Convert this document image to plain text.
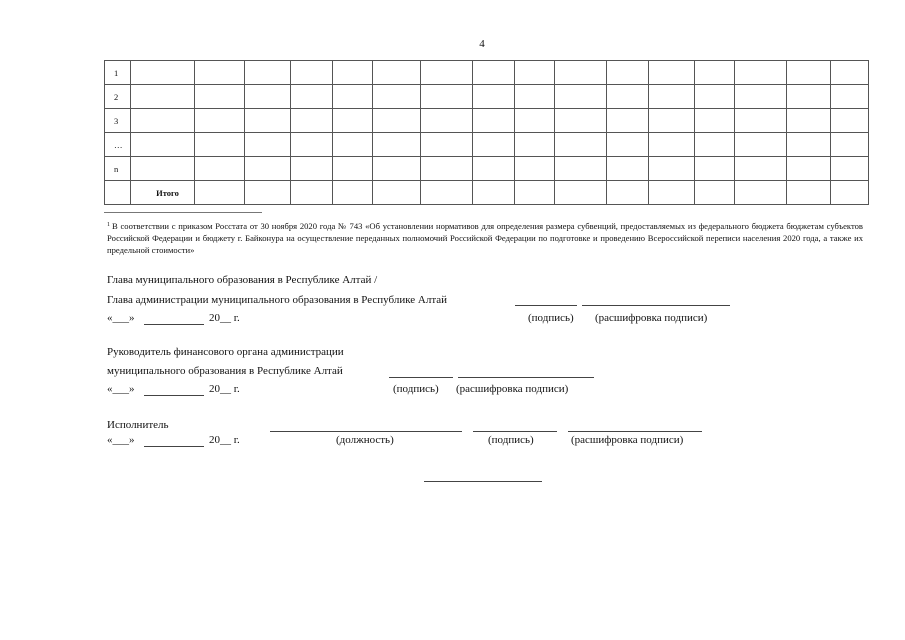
4
1																
2																
3																
…																
n																
	Итого															
$^1$ В соответствии с приказом Росстата от 30 ноября 2020 года № 743 «Об установлении нормативов для определения размера субвенций, предоставляемых из федерального бюджета бюджетам субъектов Российской Федерации и бюджету г. Байконура на осуществление переданных полномочий Российской Федерации по подготовке и проведению Всероссийской переписи населения 2020 года, а также их предельной стоимости»
Глава муниципального образования в Республике Алтай /
Глава администрации муниципального образования в Республике Алтай
«___»	20__ г.	(подпись) (расшифровка подписи)
Руководитель финансового органа администрации
муниципального образования в Республике Алтай
«___»	20__ г.	(подпись) (расшифровка подписи)
Исполнитель
«___»	20__ г.	(должность)	(подпись)	(расшифровка подписи)
